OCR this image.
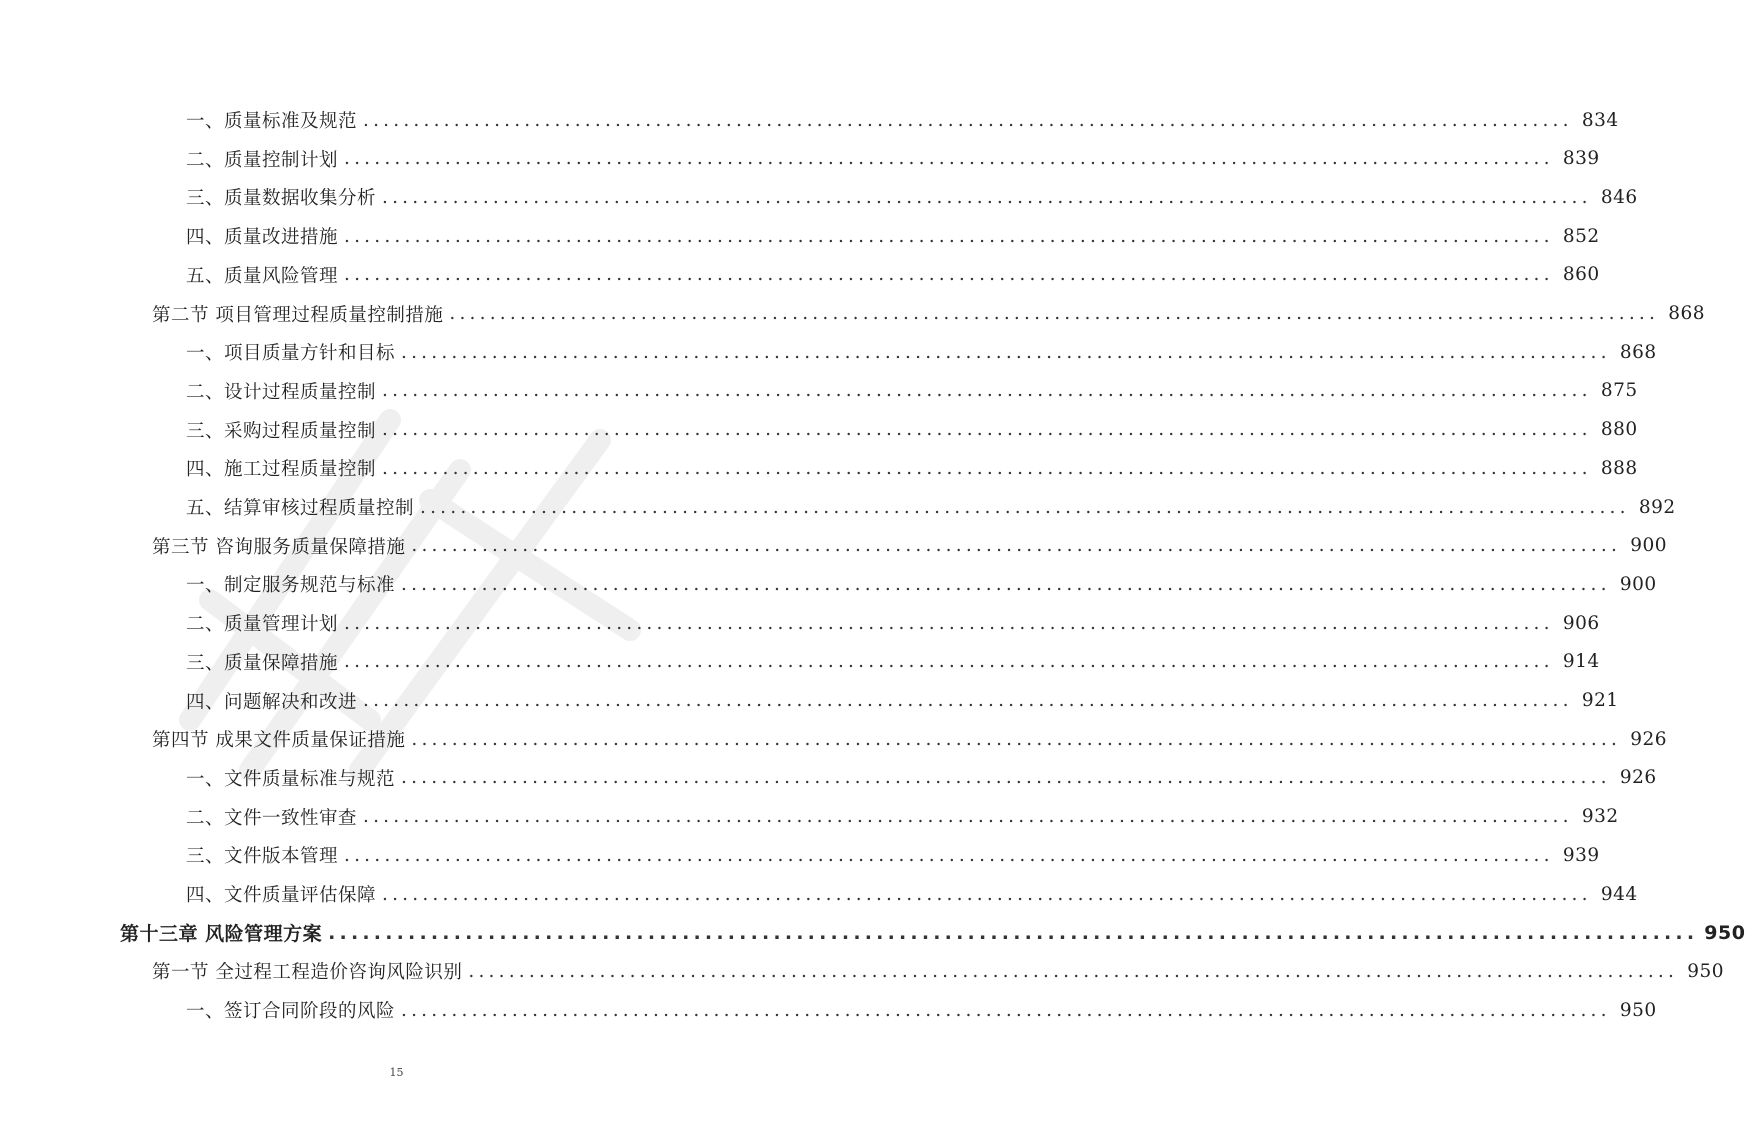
一、质量标准及规范 ........................................................................................................................ 834
二、质量控制计划 ........................................................................................................................ 839
三、质量数据收集分析 ........................................................................................................................ 846
四、质量改进措施 ........................................................................................................................ 852
五、质量风险管理 ........................................................................................................................ 860
第二节 项目管理过程质量控制措施 ........................................................................................................................ 868
一、项目质量方针和目标 ........................................................................................................................ 868
二、设计过程质量控制 ........................................................................................................................ 875
三、采购过程质量控制 ........................................................................................................................ 880
四、施工过程质量控制 ........................................................................................................................ 888
五、结算审核过程质量控制 ........................................................................................................................ 892
第三节 咨询服务质量保障措施 ........................................................................................................................ 900
一、制定服务规范与标准 ........................................................................................................................ 900
二、质量管理计划 ........................................................................................................................ 906
三、质量保障措施 ........................................................................................................................ 914
四、问题解决和改进 ........................................................................................................................ 921
第四节 成果文件质量保证措施 ........................................................................................................................ 926
一、文件质量标准与规范 ........................................................................................................................ 926
二、文件一致性审查 ........................................................................................................................ 932
三、文件版本管理 ........................................................................................................................ 939
四、文件质量评估保障 ........................................................................................................................ 944
第十三章 风险管理方案 ........................................................................................................................ 950
第一节 全过程工程造价咨询风险识别 ........................................................................................................................ 950
一、签订合同阶段的风险 ........................................................................................................................ 950
15
